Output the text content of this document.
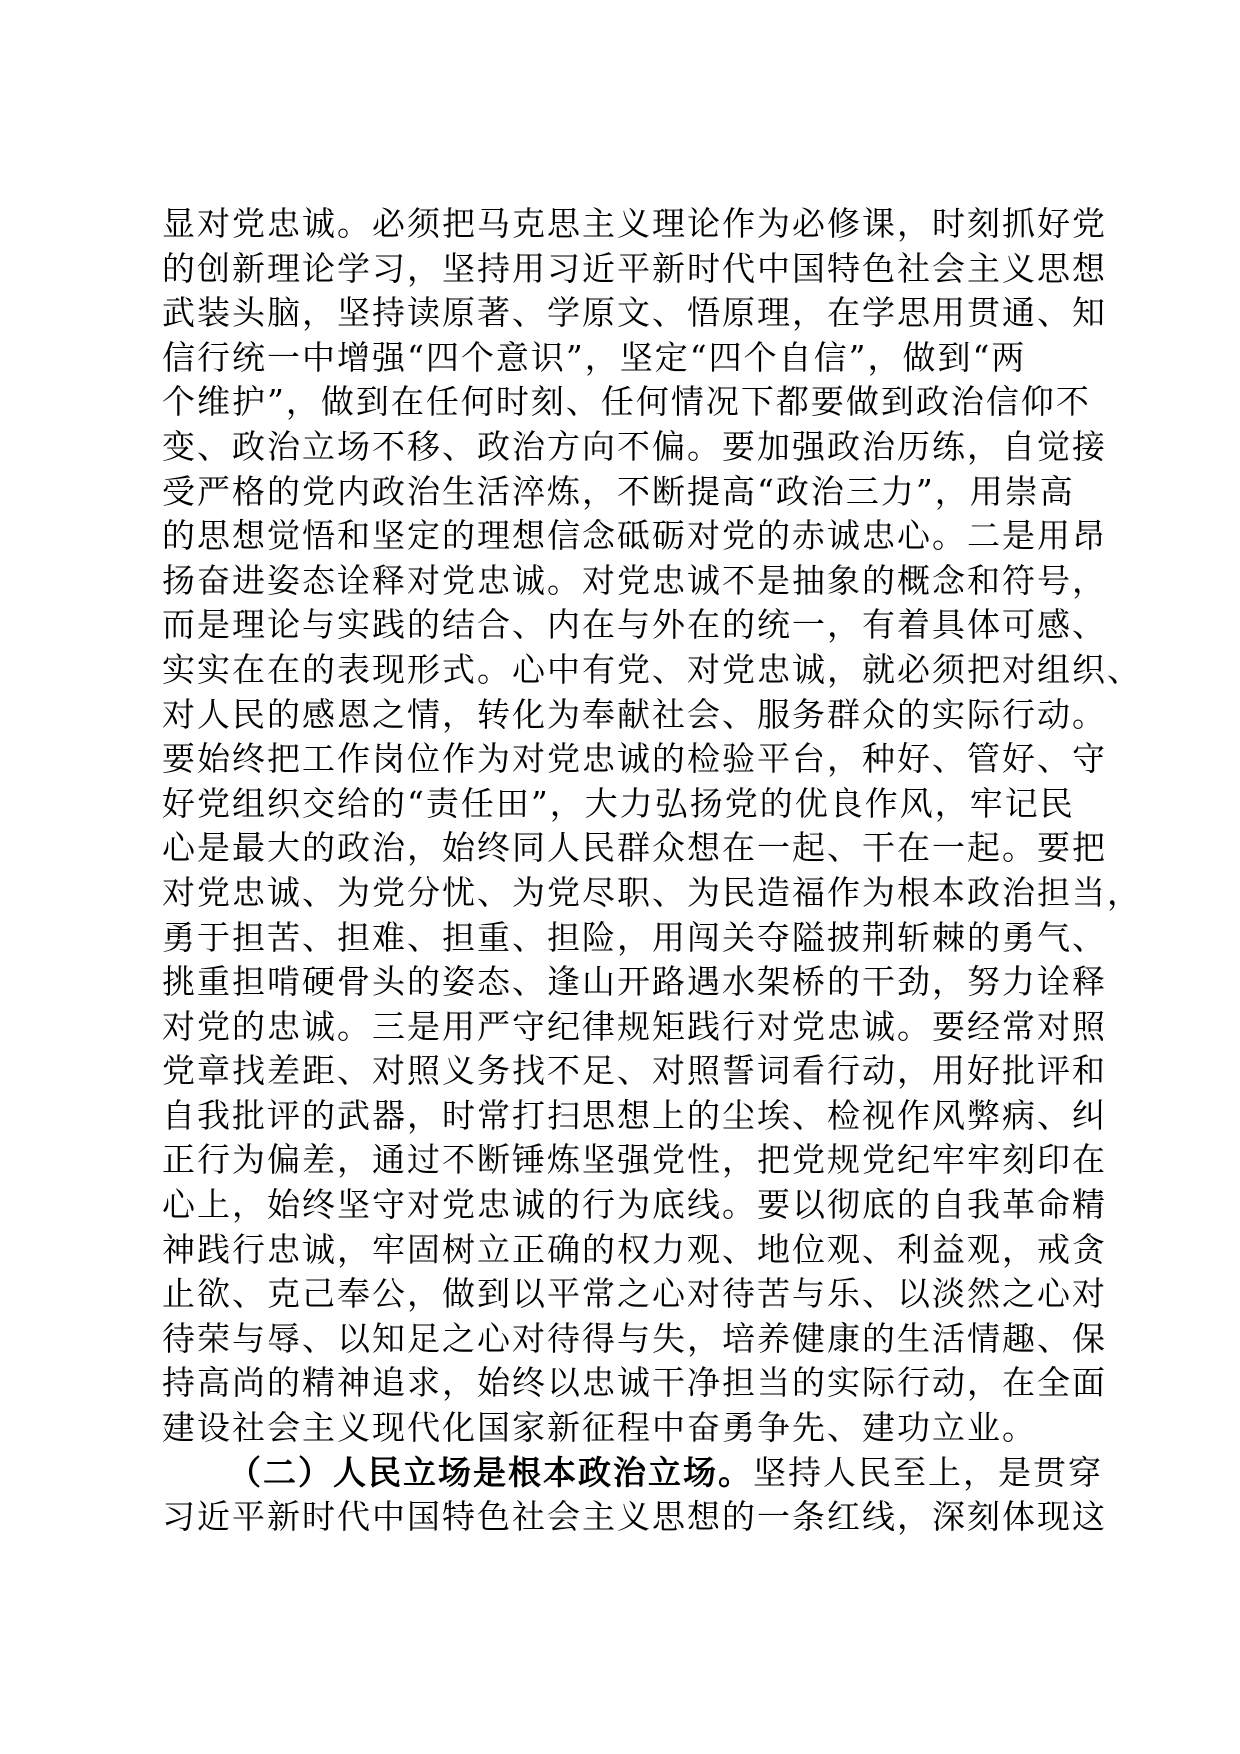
显对党忠诚。必须把马克思主义理论作为必修课，时刻抓好党
的创新理论学习，坚持用习近平新时代中国特色社会主义思想
武装头脑，坚持读原著、学原文、悟原理，在学思用贯通、知
信行统一中增强“四个意识”，坚定“四个自信”，做到“两
个维护”，做到在任何时刻、任何情况下都要做到政治信仰不
变、政治立场不移、政治方向不偏。要加强政治历练，自觉接
受严格的党内政治生活淬炼，不断提高“政治三力”，用崇高
的思想觉悟和坚定的理想信念砥砺对党的赤诚忠心。二是用昂
扬奋进姿态诠释对党忠诚。对党忠诚不是抽象的概念和符号，
而是理论与实践的结合、内在与外在的统一，有着具体可感、
实实在在的表现形式。心中有党、对党忠诚，就必须把对组织、
对人民的感恩之情，转化为奉献社会、服务群众的实际行动。
要始终把工作岗位作为对党忠诚的检验平台，种好、管好、守
好党组织交给的“责任田”，大力弘扬党的优良作风，牢记民
心是最大的政治，始终同人民群众想在一起、干在一起。要把
对党忠诚、为党分忧、为党尽职、为民造福作为根本政治担当，
勇于担苦、担难、担重、担险，用闯关夺隘披荆斩棘的勇气、
挑重担啃硬骨头的姿态、逢山开路遇水架桥的干劲，努力诠释
对党的忠诚。三是用严守纪律规矩践行对党忠诚。要经常对照
党章找差距、对照义务找不足、对照誓词看行动，用好批评和
自我批评的武器，时常打扫思想上的尘埃、检视作风弊病、纠
正行为偏差，通过不断锤炼坚强党性，把党规党纪牢牢刻印在
心上，始终坚守对党忠诚的行为底线。要以彻底的自我革命精
神践行忠诚，牢固树立正确的权力观、地位观、利益观，戒贪
止欲、克己奉公，做到以平常之心对待苦与乐、以淡然之心对
待荣与辱、以知足之心对待得与失，培养健康的生活情趣、保
持高尚的精神追求，始终以忠诚干净担当的实际行动，在全面
建设社会主义现代化国家新征程中奋勇争先、建功立业。
（二）人民立场是根本政治立场。坚持人民至上，是贯穿
习近平新时代中国特色社会主义思想的一条红线，深刻体现这
